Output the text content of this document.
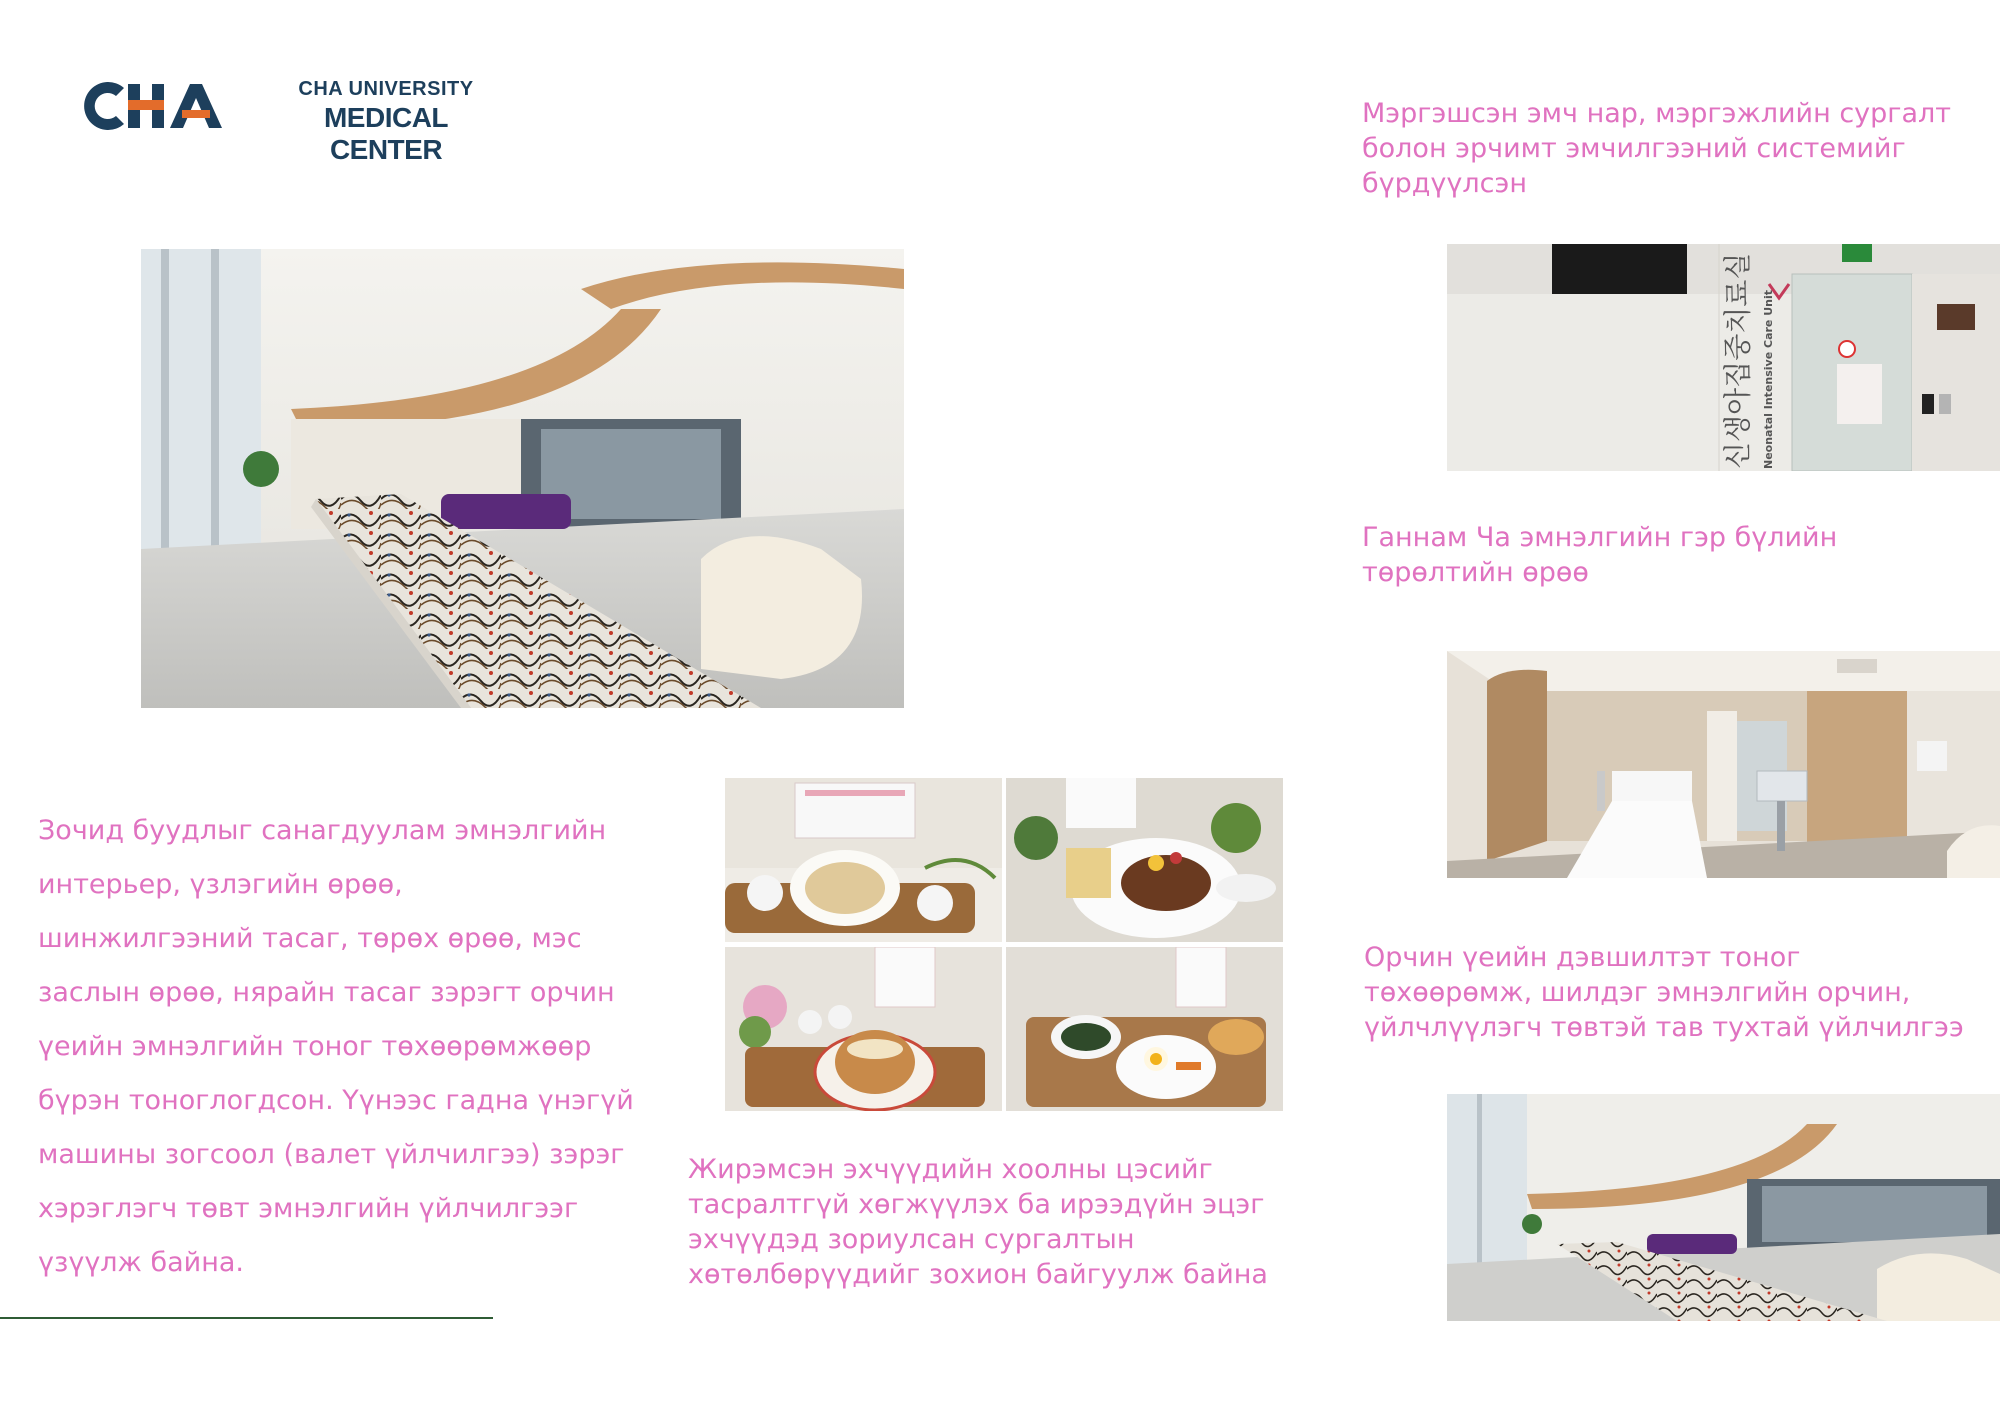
CHA UNIVERSITY
MEDICAL CENTER
Мэргэшсэн эмч нар, мэргэжлийн сургалт
болон эрчимт эмчилгээний системийг
бүрдүүлсэн
신생아집중치료실 Neonatal Intensive Care Unit
Ганнам Ча эмнэлгийн гэр бүлийн
төрөлтийн өрөө
Орчин үеийн дэвшилтэт тоног
төхөөрөмж, шилдэг эмнэлгийн орчин,
үйлчлүүлэгч төвтэй тав тухтай үйлчилгээ
Жирэмсэн эхчүүдийн хоолны цэсийг
тасралтгүй хөгжүүлэх ба ирээдүйн эцэг
эхчүүдэд зориулсан сургалтын
хөтөлбөрүүдийг зохион байгуулж байна
Зочид буудлыг санагдуулам эмнэлгийн
интерьер, үзлэгийн өрөө,
шинжилгээний тасаг, төрөх өрөө, мэс
заслын өрөө, нярайн тасаг зэрэгт орчин
үеийн эмнэлгийн тоног төхөөрөмжөөр
бүрэн тоноглогдсон. Үүнээс гадна үнэгүй
машины зогсоол (валет үйлчилгээ) зэрэг
хэрэглэгч төвт эмнэлгийн үйлчилгээг
үзүүлж байна.
